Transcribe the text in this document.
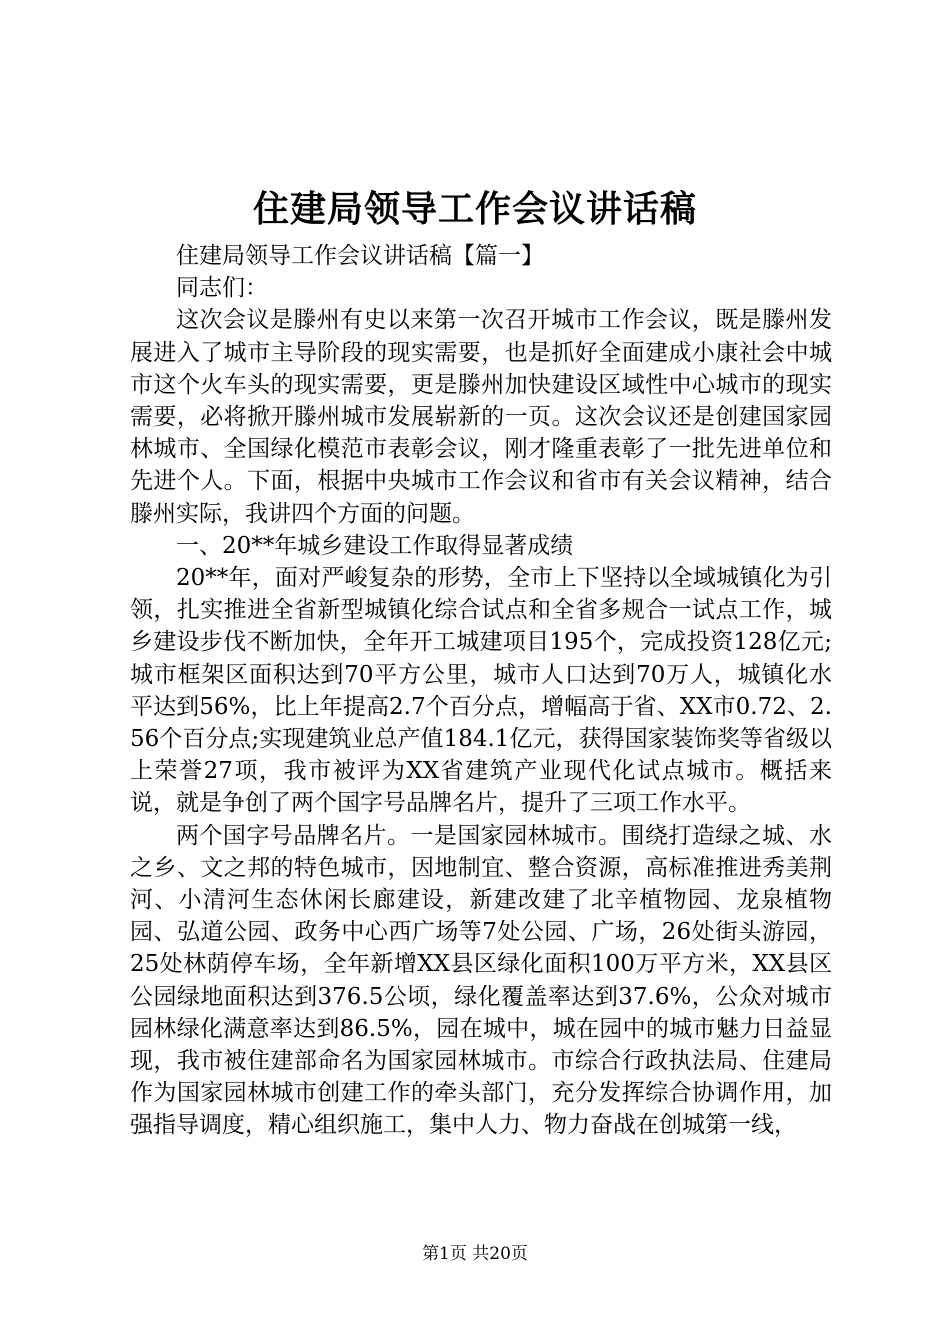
住建局领导工作会议讲话稿

住建局领导工作会议讲话稿【篇一】

同志们：

这次会议是滕州有史以来第一次召开城市工作会议，既是滕州发展进入了城市主导阶段的现实需要，也是抓好全面建成小康社会中城市这个火车头的现实需要，更是滕州加快建设区域性中心城市的现实需要，必将掀开滕州城市发展崭新的一页。这次会议还是创建国家园林城市、全国绿化模范市表彰会议，刚才隆重表彰了一批先进单位和先进个人。下面，根据中央城市工作会议和省市有关会议精神，结合滕州实际，我讲四个方面的问题。

一、20**年城乡建设工作取得显著成绩

20**年，面对严峻复杂的形势，全市上下坚持以全域城镇化为引领，扎实推进全省新型城镇化综合试点和全省多规合一试点工作，城乡建设步伐不断加快，全年开工城建项目195个，完成投资128亿元;城市框架区面积达到70平方公里，城市人口达到70万人，城镇化水平达到56%，比上年提高2.7个百分点，增幅高于省、XX市0.72、2.56个百分点;实现建筑业总产值184.1亿元，获得国家装饰奖等省级以上荣誉27项，我市被评为XX省建筑产业现代化试点城市。概括来说，就是争创了两个国字号品牌名片，提升了三项工作水平。

两个国字号品牌名片。一是国家园林城市。围绕打造绿之城、水之乡、文之邦的特色城市，因地制宜、整合资源，高标准推进秀美荆河、小清河生态休闲长廊建设，新建改建了北辛植物园、龙泉植物园、弘道公园、政务中心西广场等7处公园、广场，26处街头游园，25处林荫停车场，全年新增XX县区绿化面积100万平方米，XX县区公园绿地面积达到376.5公顷，绿化覆盖率达到37.6%，公众对城市园林绿化满意率达到86.5%，园在城中，城在园中的城市魅力日益显现，我市被住建部命名为国家园林城市。市综合行政执法局、住建局作为国家园林城市创建工作的牵头部门，充分发挥综合协调作用，加强指导调度，精心组织施工，集中人力、物力奋战在创城第一线，

第1页 共20页
